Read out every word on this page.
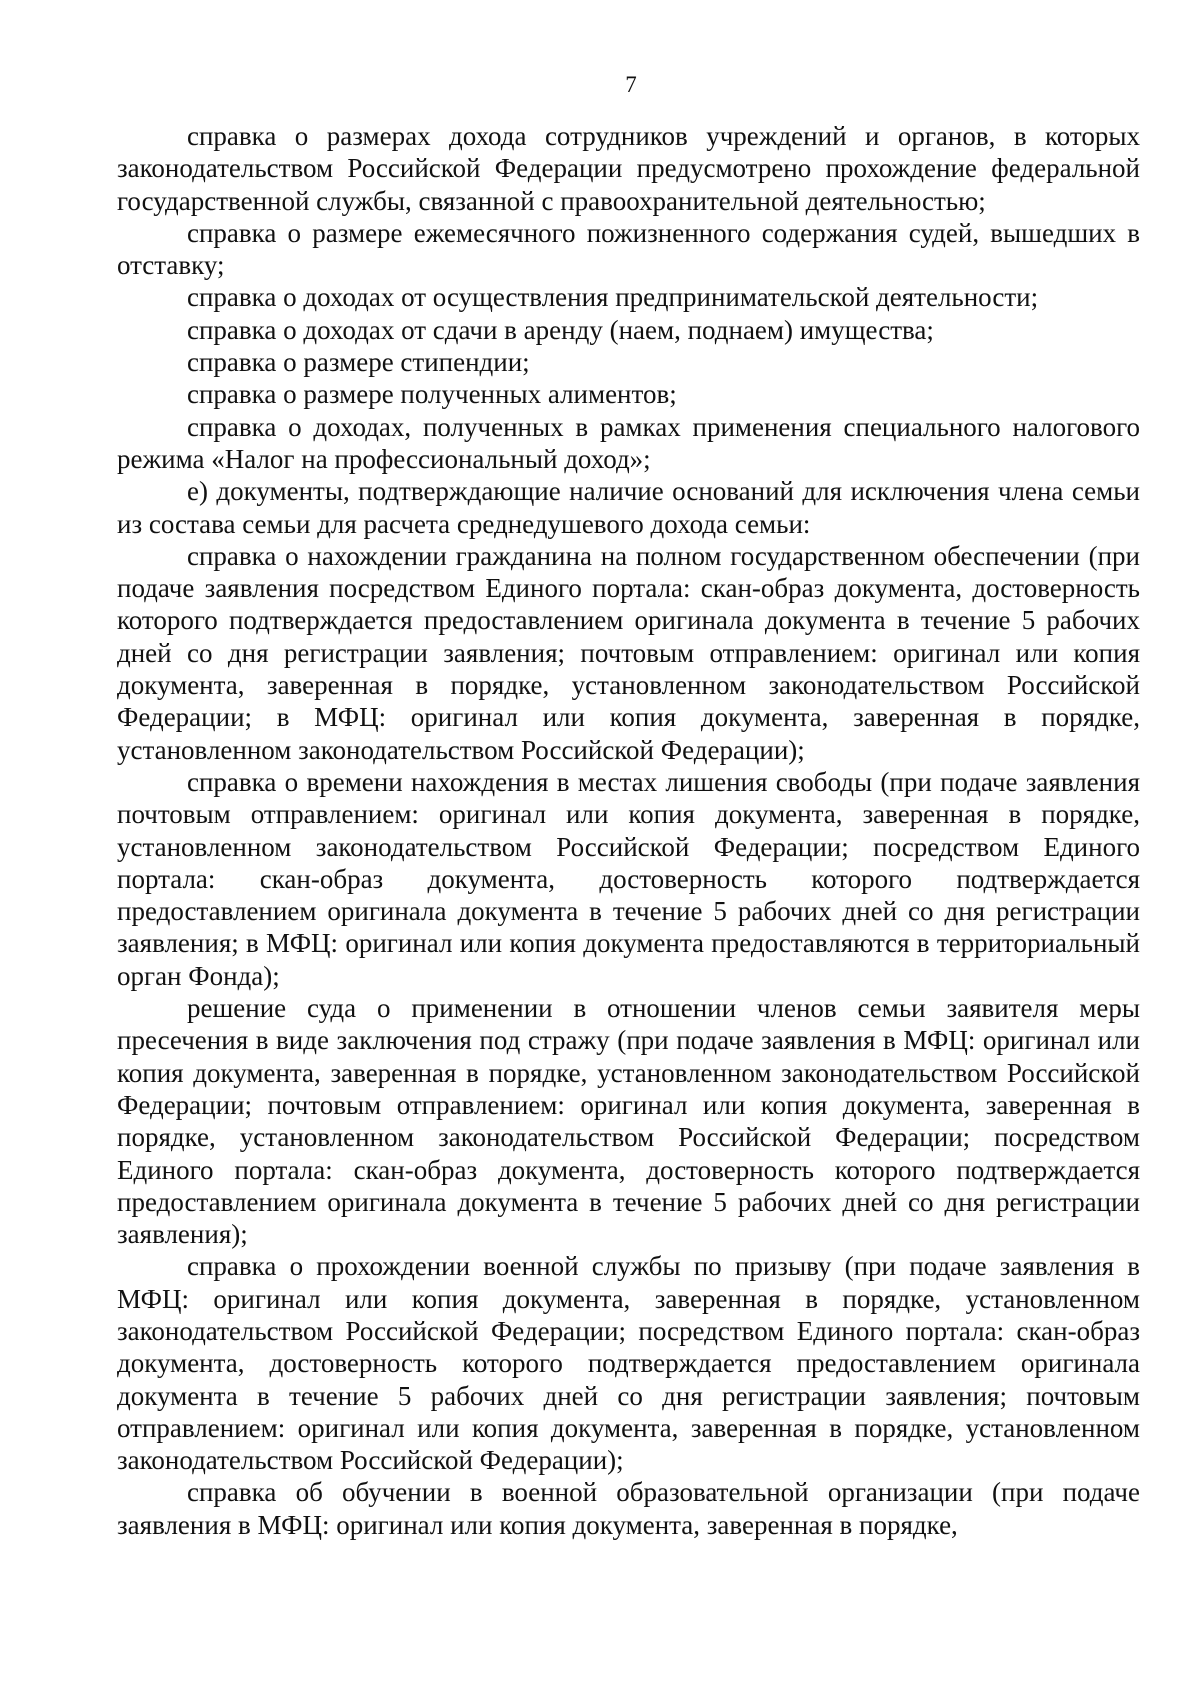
7

справка о размерах дохода сотрудников учреждений и органов, в которых законодательством Российской Федерации предусмотрено прохождение федеральной государственной службы, связанной с правоохранительной деятельностью;

справка о размере ежемесячного пожизненного содержания судей, вышедших в отставку;

справка о доходах от осуществления предпринимательской деятельности;

справка о доходах от сдачи в аренду (наем, поднаем) имущества;

справка о размере стипендии;

справка о размере полученных алиментов;

справка о доходах, полученных в рамках применения специального налогового режима «Налог на профессиональный доход»;

е) документы, подтверждающие наличие оснований для исключения члена семьи из состава семьи для расчета среднедушевого дохода семьи:

справка о нахождении гражданина на полном государственном обеспечении (при подаче заявления посредством Единого портала: скан-образ документа, достоверность которого подтверждается предоставлением оригинала документа в течение 5 рабочих дней со дня регистрации заявления; почтовым отправлением: оригинал или копия документа, заверенная в порядке, установленном законодательством Российской Федерации; в МФЦ: оригинал или копия документа, заверенная в порядке, установленном законодательством Российской Федерации);

справка о времени нахождения в местах лишения свободы (при подаче заявления почтовым отправлением: оригинал или копия документа, заверенная в порядке, установленном законодательством Российской Федерации; посредством Единого портала: скан-образ документа, достоверность которого подтверждается предоставлением оригинала документа в течение 5 рабочих дней со дня регистрации заявления; в МФЦ: оригинал или копия документа предоставляются в территориальный орган Фонда);

решение суда о применении в отношении членов семьи заявителя меры пресечения в виде заключения под стражу (при подаче заявления в МФЦ: оригинал или копия документа, заверенная в порядке, установленном законодательством Российской Федерации; почтовым отправлением: оригинал или копия документа, заверенная в порядке, установленном законодательством Российской Федерации; посредством Единого портала: скан-образ документа, достоверность которого подтверждается предоставлением оригинала документа в течение 5 рабочих дней со дня регистрации заявления);

справка о прохождении военной службы по призыву (при подаче заявления в МФЦ: оригинал или копия документа, заверенная в порядке, установленном законодательством Российской Федерации; посредством Единого портала: скан-образ документа, достоверность которого подтверждается предоставлением оригинала документа в течение 5 рабочих дней со дня регистрации заявления; почтовым отправлением: оригинал или копия документа, заверенная в порядке, установленном законодательством Российской Федерации);

справка об обучении в военной образовательной организации (при подаче заявления в МФЦ: оригинал или копия документа, заверенная в порядке,
